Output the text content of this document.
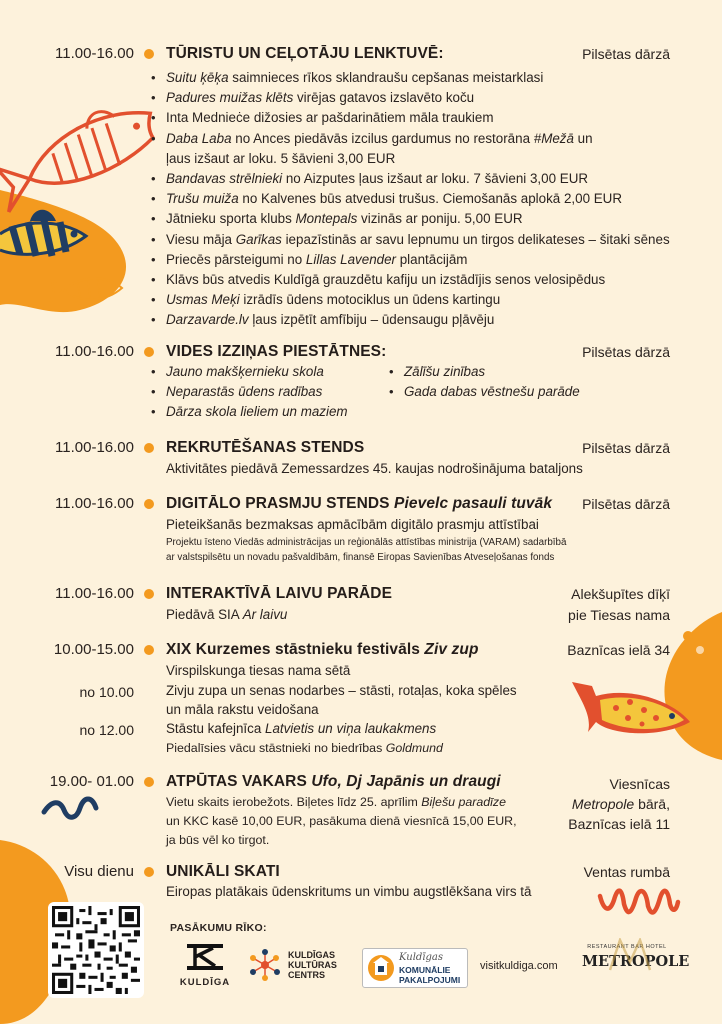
11.00-16.00 TŪRISTU UN CEĻOTĀJU LENKTUVĒ:	Pilsētas dārzā
• Suitu ķēķa saimnieces rīkos sklandraušu cepšanas meistarklasi
• Padures muižas klēts virējas gatavos izslavēto koču
• Inta Mednieċe dižosies ar pašdarinātiem māla traukiem
• Daba Laba no Ances piedāvās izcilus gardumus no restorāna #Mežā un
ļaus izšaut ar loku. 5 šāvieni 3,00 EUR
• Bandavas strēlnieki no Aizputes ļaus izšaut ar loku. 7 šāvieni 3,00 EUR
• Trušu muiža no Kalvenes būs atvedusi trušus. Ciemošanās aplokā 2,00 EUR
• Jātnieku sporta klubs Montepals vizinās ar poniju. 5,00 EUR
• Viesu māja Garīkas iepazīstinās ar savu lepnumu un tirgos delikateses – šitaki sēnes
• Priecēs pārsteigumi no Lillas Lavender plantācijām
• Klāvs būs atvedis Kuldīgā grauzdētu kafiju un izstādījis senos velosipēdus
• Usmas Meķi izrādīs ūdens motociklus un ūdens kartingu
• Darzavarde.lv ļaus izpētīt amfībiju – ūdensaugu pļāvēju
11.00-16.00 VIDES IZZIŅAS PIESTĀTNES:	Pilsētas dārzā
• Jauno makšķernieku skola
• Neparastās ūdens radības
• Dārza skola lieliem un maziem
• Zālīšu zinības
• Gada dabas vēstnešu parāde
11.00-16.00 REKRUTĒŠANAS STENDS	Pilsētas dārzā
Aktivitātes piedāvā Zemessardzes 45. kaujas nodrošinājuma bataljons
11.00-16.00 DIGITĀLO PRASMJU STENDS Pievelc pasauli tuvāk Pilsētas dārzā
Pieteikšanās bezmaksas apmācībām digitālo prasmju attīstībai
Projektu īsteno Viedās administrācijas un reģionālās attīstības ministrija (VARAM) sadarbībā
ar valstspilsētu un novadu pašvaldībām, finansē Eiropas Savienības Atveseļošanas fonds
11.00-16.00 INTERAKTĪVĀ LAIVU PARĀDE	Alekšupītes dīķī
pie Tiesas nama
Piedāvā SIA Ar laivu
10.00-15.00 XIX Kurzemes stāstnieku festivāls Ziv zup	Baznīcas ielā 34
Virspilskunga tiesas nama sētā
no 10.00 Zivju zupa un senas nodarbes – stāsti, rotaļas, koka spēles
un māla rakstu veidošana
no 12.00 Stāstu kafejnīca Latvietis un viņa laukakmens
Piedalīsies vācu stāstnieki no biedrības Goldmund
19.00- 01.00 ATPŪTAS VAKARS Ufo, Dj Japānis un draugi	Viesnīcas
Metropole bārā,
Baznīcas ielā 11
Vietu skaits ierobežots. Biļetes līdz 25. aprīlim Biļešu paradīze
un KKC kasē 10,00 EUR, pasākuma dienā viesnīcā 15,00 EUR,
ja būs vēl ko tirgot.
Visu dienu UNIKĀLI SKATI	Ventas rumbā
Eiropas platākais ūdenskritums un vimbu augstlēkšana virs tā
PASĀKUMU RĪKO:
KULDĪGA
KULDĪGAS
KULTŪRAS
CENTRS
Kuldīgas
KOMUNĀLIE
PAKALPOJUMI
visitkuldiga.com
RESTAURANT BAR HOTEL
METROPOLE
